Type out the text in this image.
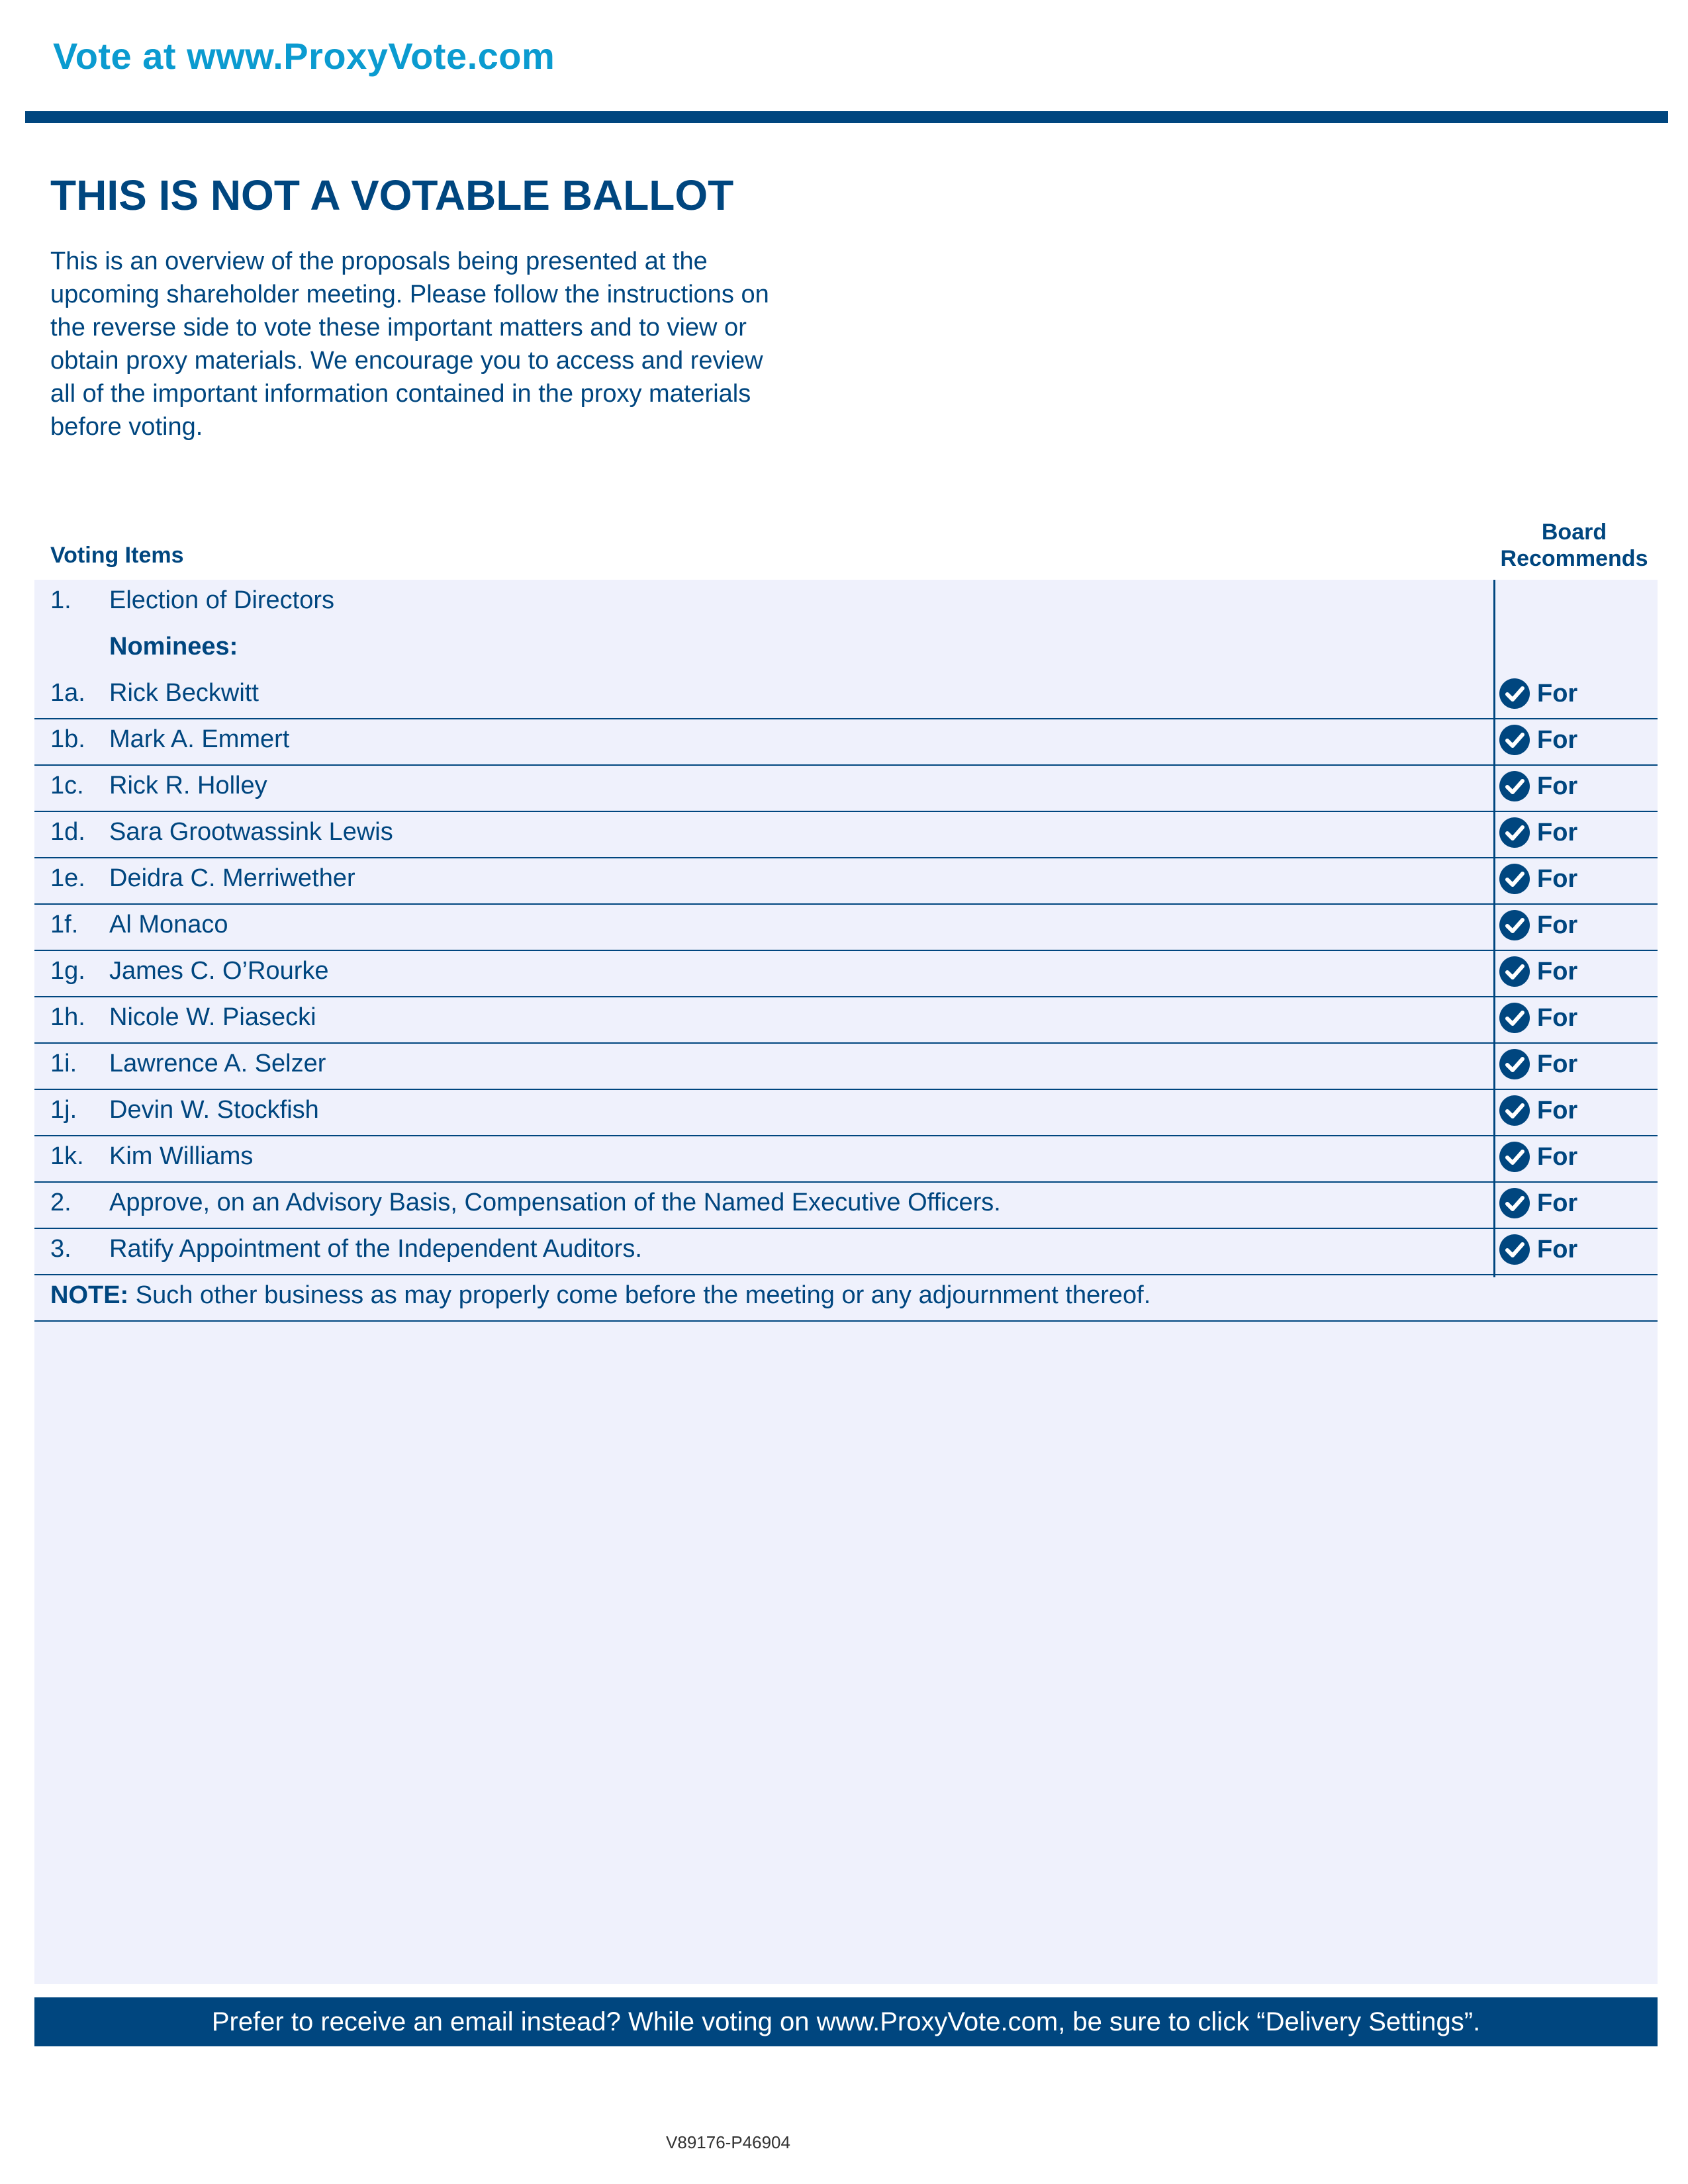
Vote at www.ProxyVote.com
THIS IS NOT A VOTABLE BALLOT
This is an overview of the proposals being presented at the
upcoming shareholder meeting. Please follow the instructions on
the reverse side to vote these important matters and to view or
obtain proxy materials. We encourage you to access and review
all of the important information contained in the proxy materials
before voting.
Voting Items
Board
Recommends
1. Election of Directors
Nominees:
1a. Rick Beckwitt	For
1b. Mark A. Emmert	For
1c. Rick R. Holley	For
1d. Sara Grootwassink Lewis	For
1e. Deidra C. Merriwether	For
1f. Al Monaco	For
1g. James C. O’Rourke	For
1h. Nicole W. Piasecki	For
1i. Lawrence A. Selzer	For
1j. Devin W. Stockfish	For
1k. Kim Williams	For
2. Approve, on an Advisory Basis, Compensation of the Named Executive Officers.	For
3. Ratify Appointment of the Independent Auditors.	For
NOTE: Such other business as may properly come before the meeting or any adjournment thereof.
Prefer to receive an email instead? While voting on www.ProxyVote.com, be sure to click “Delivery Settings”.
V89176-P46904
